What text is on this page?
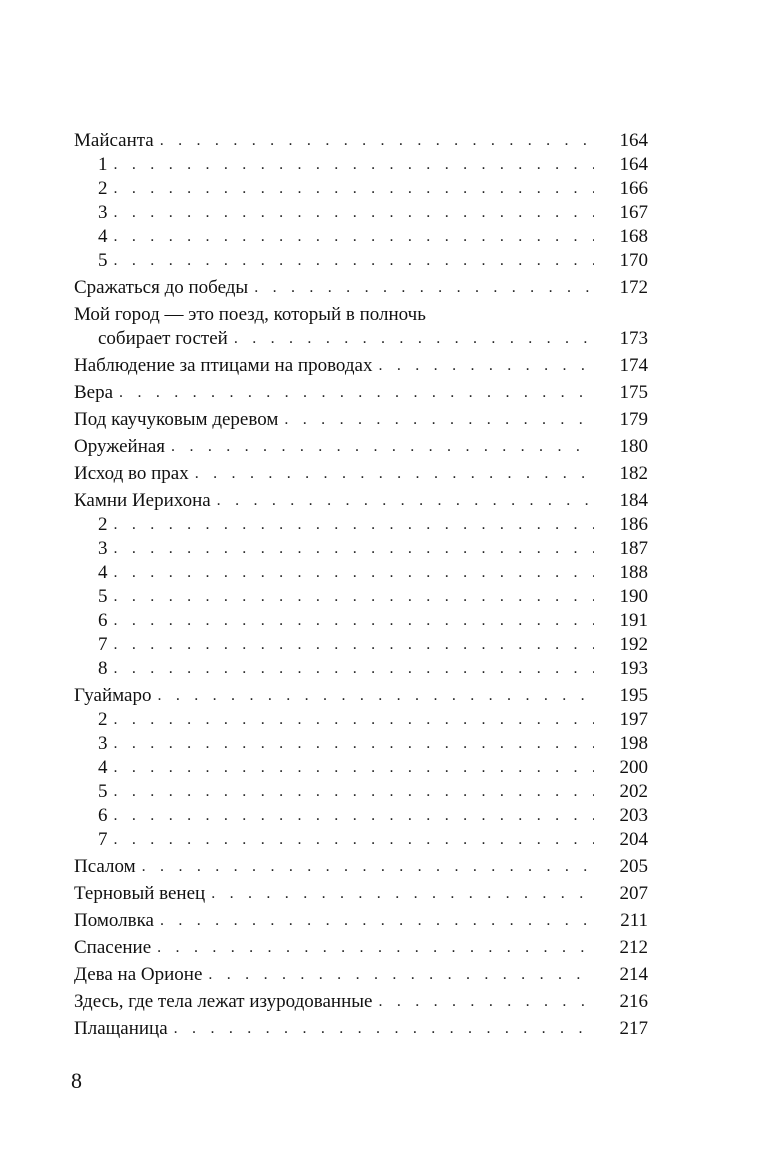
Майсанта . . .	164
1 . . .	164
2 . . .	166
3 . . .	167
4 . . .	168
5 . . .	170
Сражаться до победы . . .	172
Мой город — это поезд, который в полночь
собирает гостей . . .	173
Наблюдение за птицами на проводах . . .	174
Вера . . .	175
Под каучуковым деревом . . .	179
Оружейная . . .	180
Исход во прах . . .	182
Камни Иерихона . . .	184
2 . . .	186
3 . . .	187
4 . . .	188
5 . . .	190
6 . . .	191
7 . . .	192
8 . . .	193
Гуаймаро . . .	195
2 . . .	197
3 . . .	198
4 . . .	200
5 . . .	202
6 . . .	203
7 . . .	204
Псалом . . .	205
Терновый венец . . .	207
Помолвка . . .	211
Спасение . . .	212
Дева на Орионе . . .	214
Здесь, где тела лежат изуродованные . . .	216
Плащаница . . .	217
8
